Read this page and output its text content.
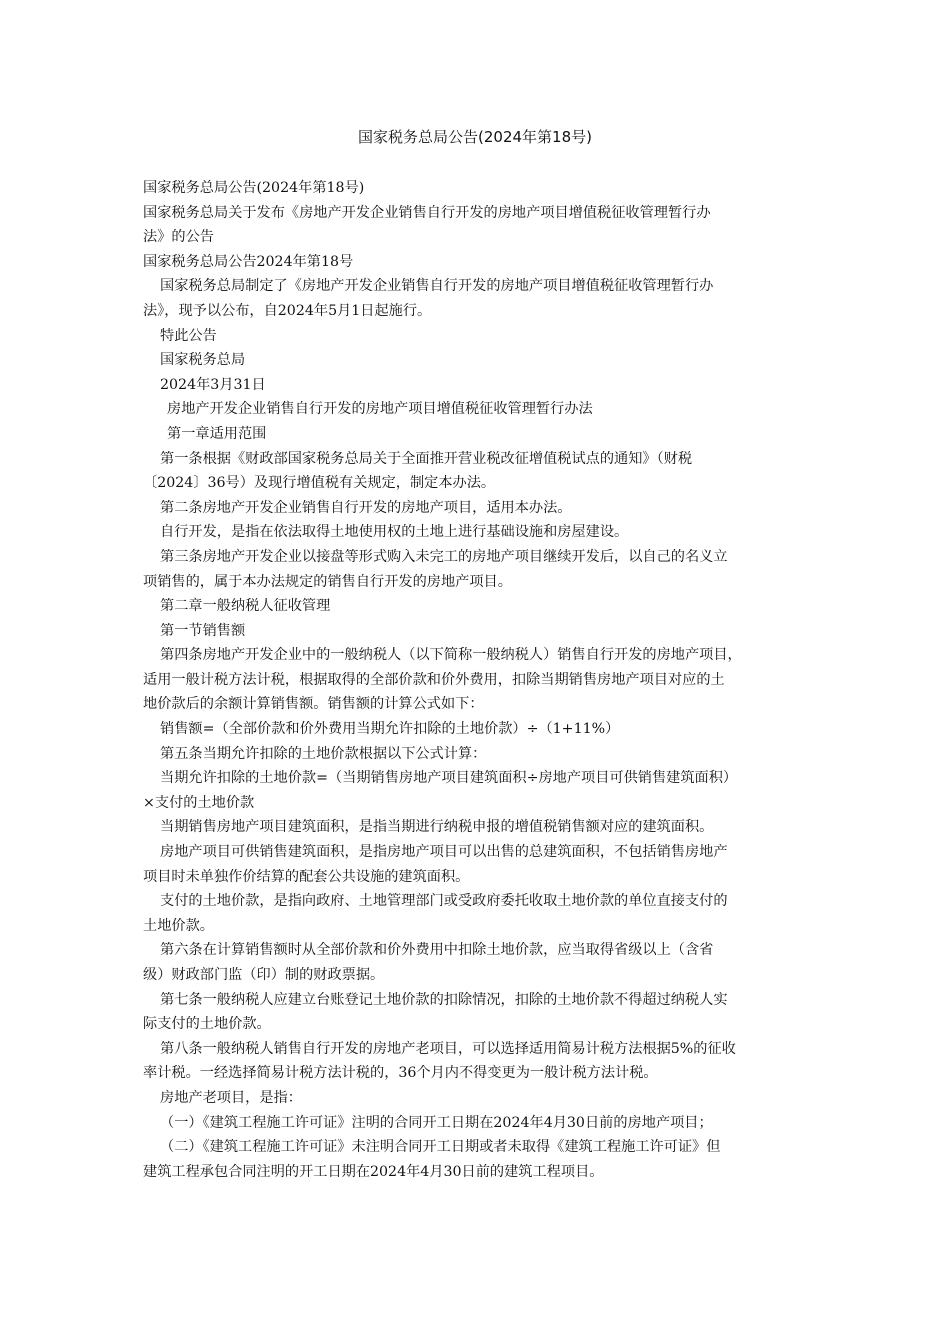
国家税务总局公告(2024年第18号)

国家税务总局公告(2024年第18号)

国家税务总局关于发布《房地产开发企业销售自行开发的房地产项目增值税征收管理暂行办

法》的公告

国家税务总局公告2024年第18号

国家税务总局制定了《房地产开发企业销售自行开发的房地产项目增值税征收管理暂行办

法》，现予以公布，自2024年5月1日起施行。

特此公告

国家税务总局

2024年3月31日

房地产开发企业销售自行开发的房地产项目增值税征收管理暂行办法

第一章适用范围

第一条根据《财政部国家税务总局关于全面推开营业税改征增值税试点的通知》（财税

〔2024〕36号）及现行增值税有关规定，制定本办法。

第二条房地产开发企业销售自行开发的房地产项目，适用本办法。

自行开发，是指在依法取得土地使用权的土地上进行基础设施和房屋建设。

第三条房地产开发企业以接盘等形式购入未完工的房地产项目继续开发后，以自己的名义立

项销售的，属于本办法规定的销售自行开发的房地产项目。

第二章一般纳税人征收管理

第一节销售额

第四条房地产开发企业中的一般纳税人（以下简称一般纳税人）销售自行开发的房地产项目，

适用一般计税方法计税，根据取得的全部价款和价外费用，扣除当期销售房地产项目对应的土

地价款后的余额计算销售额。销售额的计算公式如下：

销售额=（全部价款和价外费用当期允许扣除的土地价款）÷（1+11%）

第五条当期允许扣除的土地价款根据以下公式计算：

当期允许扣除的土地价款=（当期销售房地产项目建筑面积÷房地产项目可供销售建筑面积）

×支付的土地价款

当期销售房地产项目建筑面积，是指当期进行纳税申报的增值税销售额对应的建筑面积。

房地产项目可供销售建筑面积，是指房地产项目可以出售的总建筑面积，不包括销售房地产

项目时未单独作价结算的配套公共设施的建筑面积。

支付的土地价款，是指向政府、土地管理部门或受政府委托收取土地价款的单位直接支付的

土地价款。

第六条在计算销售额时从全部价款和价外费用中扣除土地价款，应当取得省级以上（含省

级）财政部门监（印）制的财政票据。

第七条一般纳税人应建立台账登记土地价款的扣除情况，扣除的土地价款不得超过纳税人实

际支付的土地价款。

第八条一般纳税人销售自行开发的房地产老项目，可以选择适用简易计税方法根据5%的征收

率计税。一经选择简易计税方法计税的，36个月内不得变更为一般计税方法计税。

房地产老项目，是指：

（一）《建筑工程施工许可证》注明的合同开工日期在2024年4月30日前的房地产项目；

（二）《建筑工程施工许可证》未注明合同开工日期或者未取得《建筑工程施工许可证》但

建筑工程承包合同注明的开工日期在2024年4月30日前的建筑工程项目。
